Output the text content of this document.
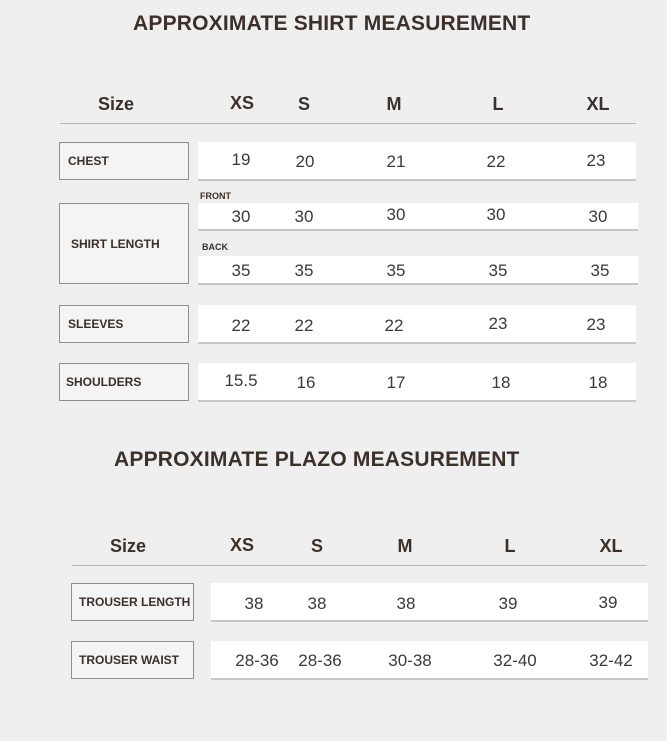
APPROXIMATE SHIRT MEASUREMENT
Size	XS	S	M	L	XL
CHEST	19	20	21	22	23
SHIRT LENGTH
FRONT
30	30	30	30	30
BACK
35	35	35	35	35
SLEEVES	22	22	22	23	23
SHOULDERS	15.5	16	17	18	18
APPROXIMATE PLAZO MEASUREMENT
Size	XS	S	M	L	XL
TROUSER LENGTH	38	38	38	39	39
TROUSER WAIST	28-36	28-36	30-38	32-40	32-42
